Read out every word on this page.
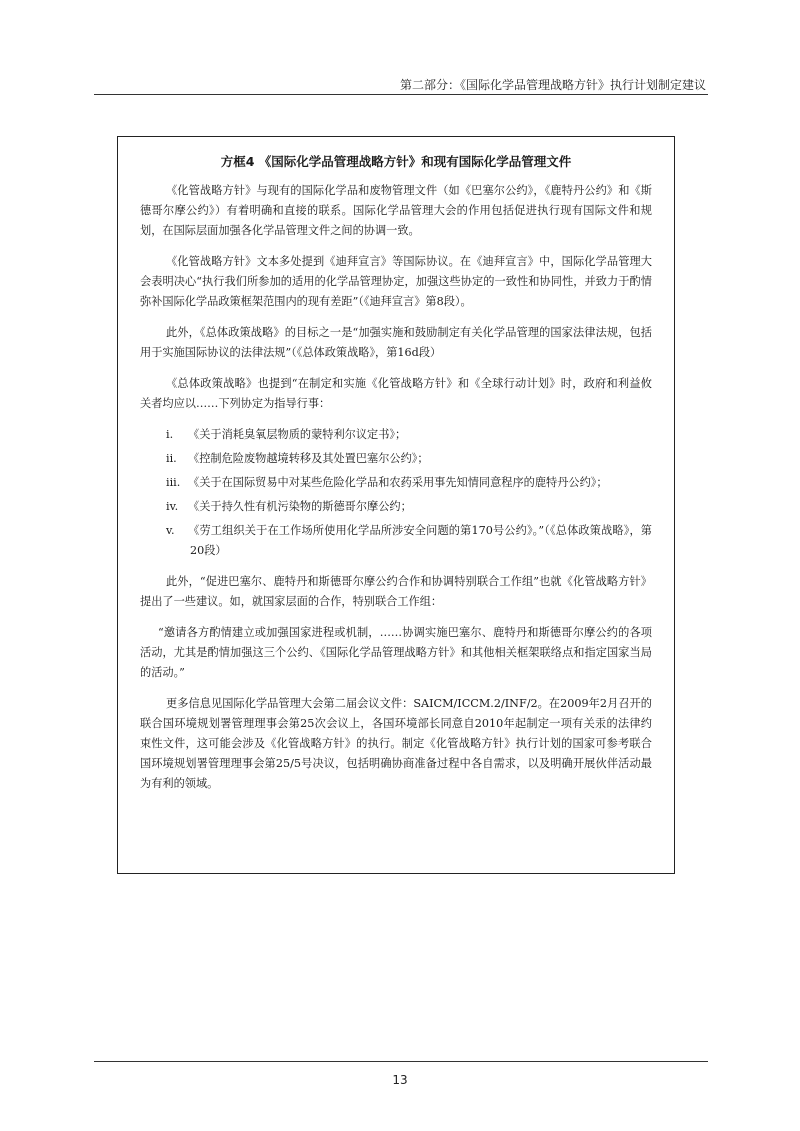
第二部分：《国际化学品管理战略方针》执行计划制定建议
方框4 《国际化学品管理战略方针》和现有国际化学品管理文件

《化管战略方针》与现有的国际化学品和废物管理文件（如《巴塞尔公约》，《鹿特丹公约》和《斯德哥尔摩公约》）有着明确和直接的联系。国际化学品管理大会的作用包括促进执行现有国际文件和规划，在国际层面加强各化学品管理文件之间的协调一致。

《化管战略方针》文本多处提到《迪拜宣言》等国际协议。在《迪拜宣言》中，国际化学品管理大会表明决心“执行我们所参加的适用的化学品管理协定，加强这些协定的一致性和协同性，并致力于酌情弥补国际化学品政策框架范围内的现有差距”（《迪拜宣言》第8段）。

此外，《总体政策战略》的目标之一是“加强实施和鼓励制定有关化学品管理的国家法律法规，包括用于实施国际协议的法律法规”（《总体政策战略》，第16d段）

《总体政策战略》也提到“在制定和实施《化管战略方针》和《全球行动计划》时，政府和利益攸关者均应以……下列协定为指导行事：

i. 《关于消耗臭氧层物质的蒙特利尔议定书》；
ii. 《控制危险废物越境转移及其处置巴塞尔公约》；
iii. 《关于在国际贸易中对某些危险化学品和农药采用事先知情同意程序的鹿特丹公约》；
iv. 《关于持久性有机污染物的斯德哥尔摩公约；
v. 《劳工组织关于在工作场所使用化学品所涉安全问题的第170号公约》。”（《总体政策战略》，第20段）

此外，“促进巴塞尔、鹿特丹和斯德哥尔摩公约合作和协调特别联合工作组”也就《化管战略方针》提出了一些建议。如，就国家层面的合作，特别联合工作组：

“邀请各方酌情建立或加强国家进程或机制，……协调实施巴塞尔、鹿特丹和斯德哥尔摩公约的各项活动，尤其是酌情加强这三个公约、《国际化学品管理战略方针》和其他相关框架联络点和指定国家当局的活动。”

更多信息见国际化学品管理大会第二届会议文件：SAICM/ICCM.2/INF/2。在2009年2月召开的联合国环境规划署管理理事会第25次会议上，各国环境部长同意自2010年起制定一项有关汞的法律约束性文件，这可能会涉及《化管战略方针》的执行。制定《化管战略方针》执行计划的国家可参考联合国环境规划署管理理事会第25/5号决议，包括明确协商准备过程中各自需求，以及明确开展伙伴活动最为有利的领域。

13
